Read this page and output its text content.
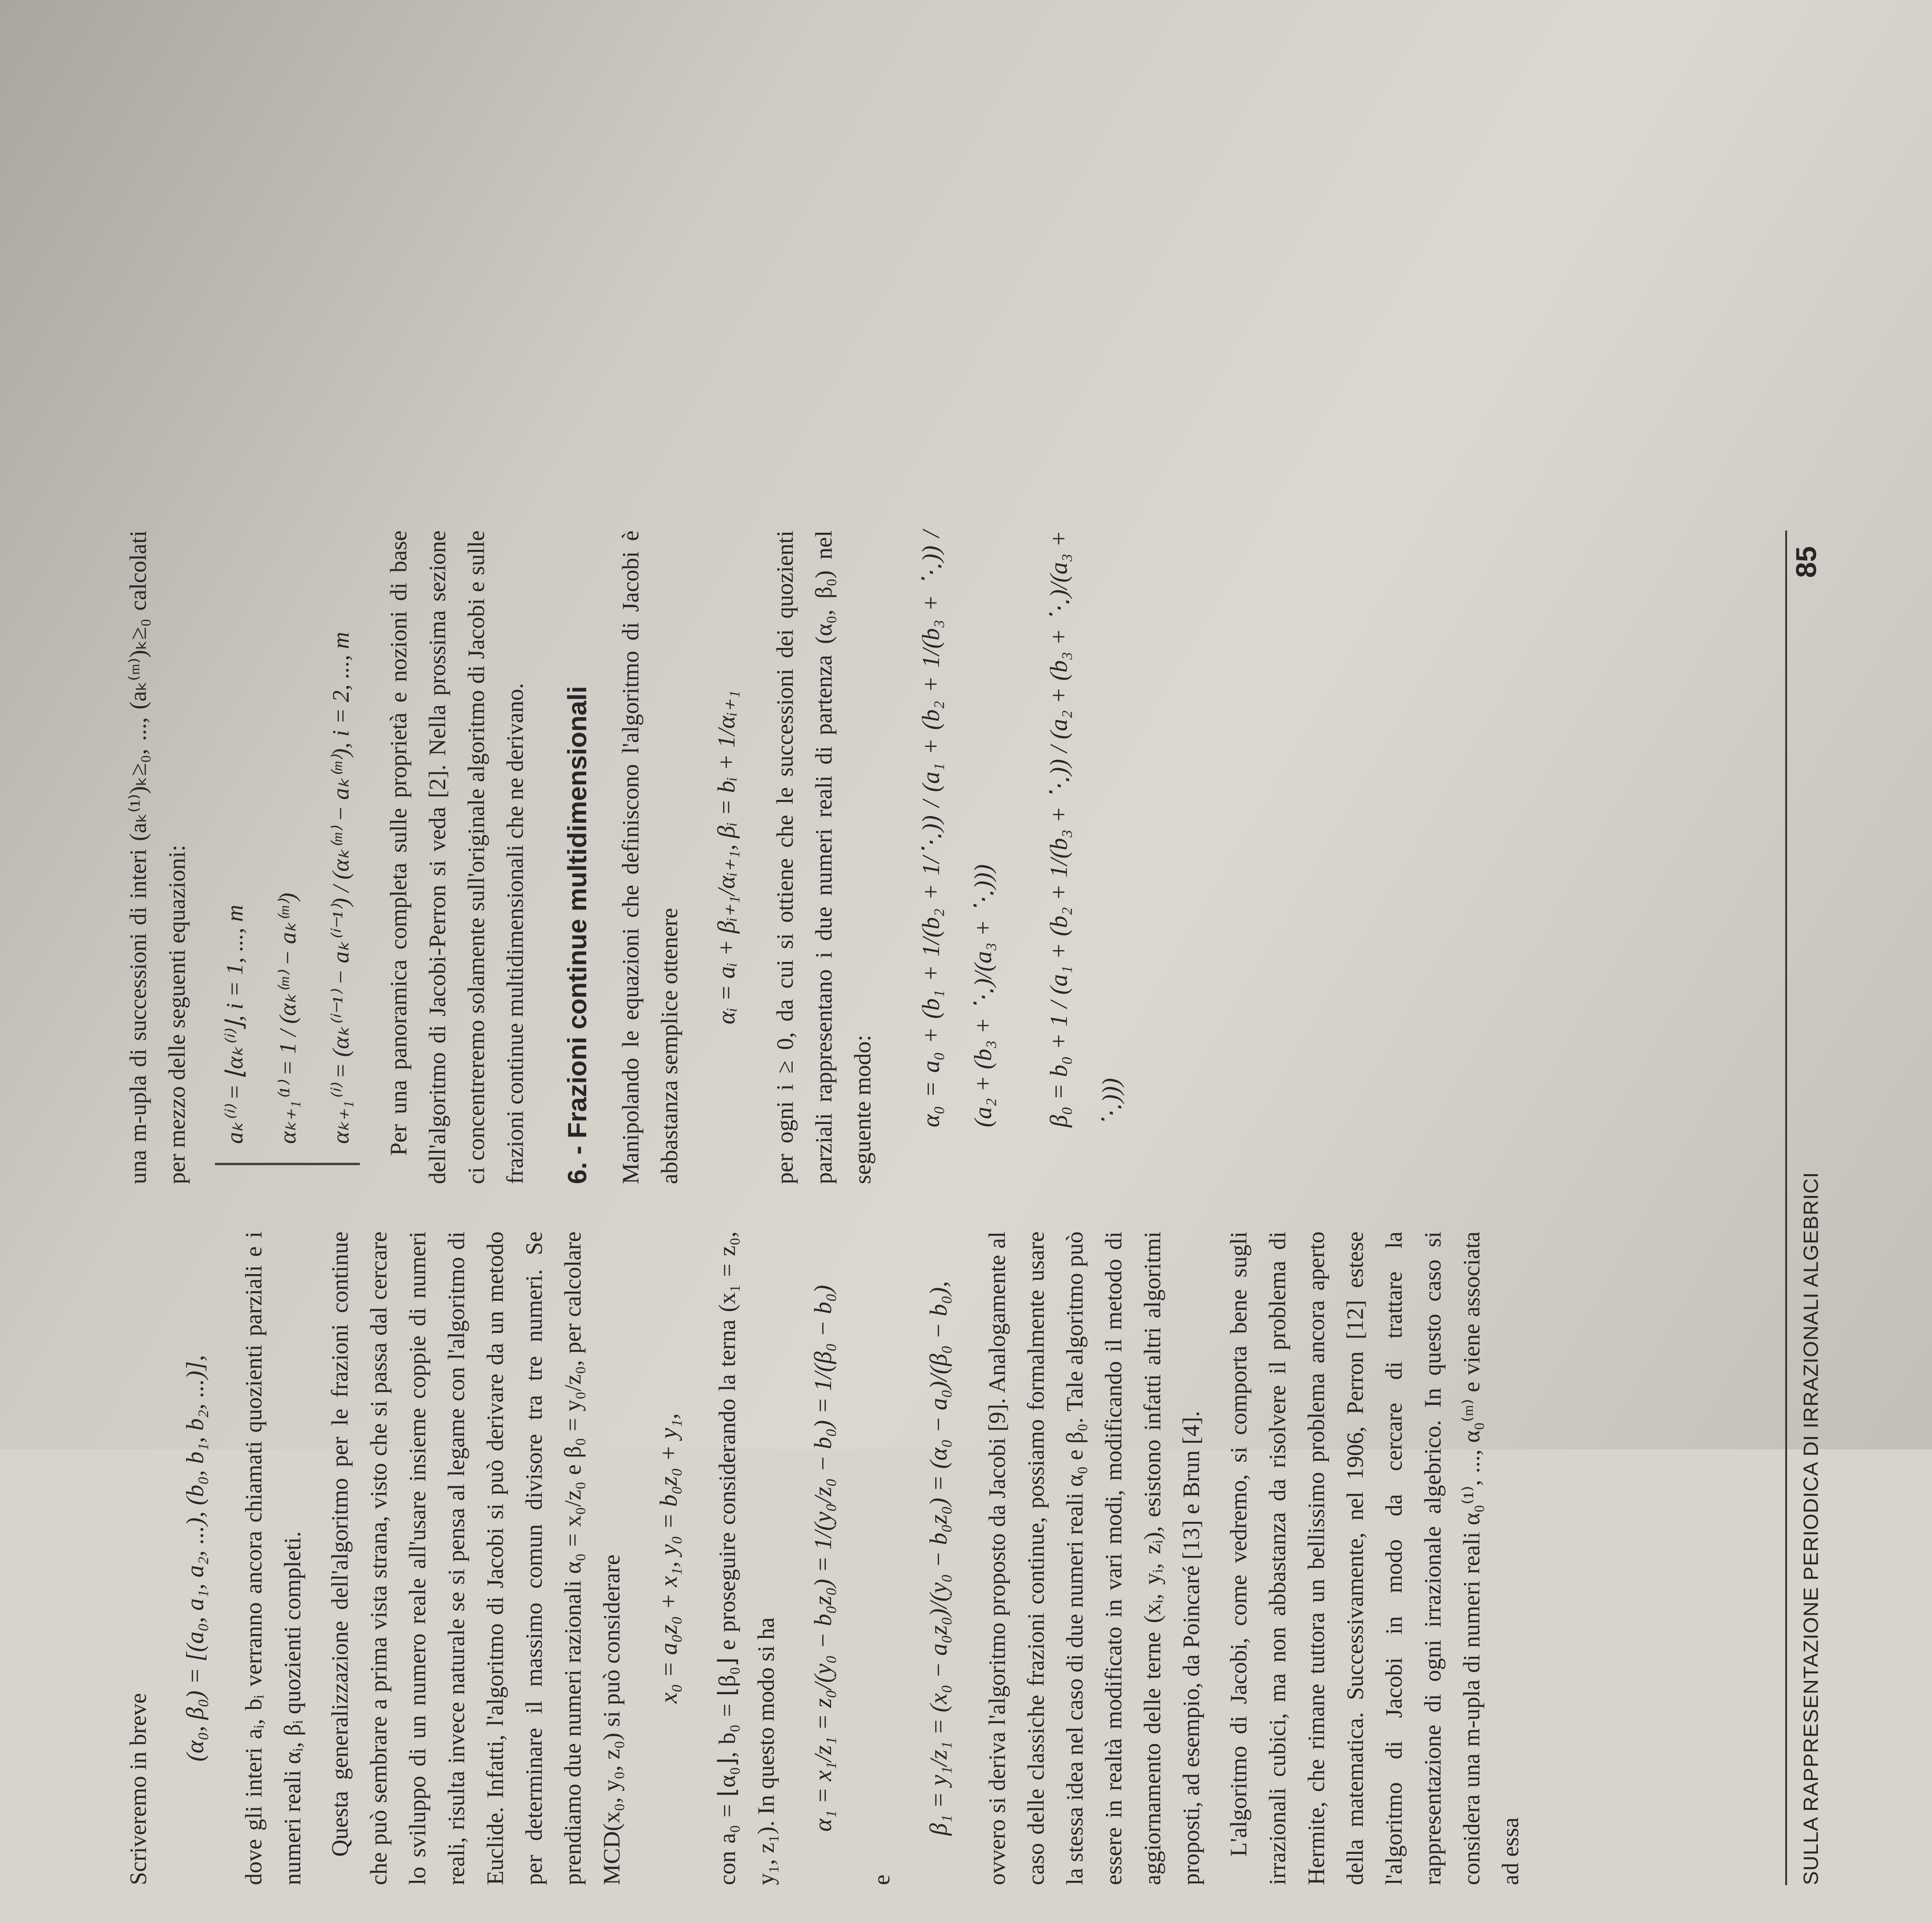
Scriveremo in breve

(α₀, β₀) = [(a₀, a₁, a₂, ...), (b₀, b₁, b₂, ...)], dove gli interi aᵢ, bᵢ verranno ancora chiamati quozienti parziali e i numeri reali αᵢ, βᵢ quozienti completi. Questa generalizzazione dell'algoritmo per le frazioni continue che può sembrare a prima vista strana, visto che si passa dal cercare lo sviluppo di un numero reale all'usare insieme coppie di numeri reali, risulta invece naturale se si pensa al legame con l'algoritmo di Euclide. Infatti, l'algoritmo di Jacobi si può derivare da un metodo per determinare il massimo comun divisore tra tre numeri. Se prendiamo due numeri razionali α₀ = x₀/z₀ e β₀ = y₀/z₀, per calcolare MCD(x₀, y₀, z₀) si può considerare x₀ = a₀z₀ + x₁, y₀ = b₀z₀ + y₁, con a₀ = ⌊α₀⌋, b₀ = ⌊β₀⌋ e proseguire considerando la terna (x₁ = z₀, y₁, z₁). In questo modo si ha α₁ = x₁/z₁ = z₀/(y₀ − b₀z₀) = 1/(y₀/z₀ − b₀) = 1/(β₀ − b₀)

e

β₁ = y₁/z₁ = (x₀ − a₀z₀)/(y₀ − b₀z₀) = (α₀ − a₀)/(β₀ − b₀), ovvero si deriva l'algoritmo proposto da Jacobi [9]. Analogamente al caso delle classiche frazioni continue, possiamo formalmente usare la stessa idea nel caso di due numeri reali α₀ e β₀. Tale algoritmo può essere in realtà modificato in vari modi, modificando il metodo di aggiornamento delle terne (xᵢ, yᵢ, zᵢ), esistono infatti altri algoritmi proposti, ad esempio, da Poincaré [13] e Brun [4]. L'algoritmo di Jacobi, come vedremo, si comporta bene sugli irrazionali cubici, ma non abbastanza da risolvere il problema di Hermite, che rimane tuttora un bellissimo problema ancora aperto della matematica. Successivamente, nel 1906, Perron [12] estese l'algoritmo di Jacobi in modo da cercare di trattare la rappresentazione di ogni irrazionale algebrico. In questo caso si considera una m-upla di numeri reali α₀⁽¹⁾, ..., α₀⁽ᵐ⁾ e viene associata ad essa

una m-upla di successioni di interi (aₖ⁽¹⁾)ₖ≥₀, ..., (aₖ⁽ᵐ⁾)ₖ≥₀ calcolati per mezzo delle seguenti equazioni: aₖ⁽ⁱ⁾ = ⌊αₖ⁽ⁱ⁾⌋, i = 1, ..., m αₖ₊₁⁽¹⁾ = 1 / (αₖ⁽ᵐ⁾ − aₖ⁽ᵐ⁾) αₖ₊₁⁽ⁱ⁾ = (αₖ⁽ⁱ⁻¹⁾ − aₖ⁽ⁱ⁻¹⁾) / (αₖ⁽ᵐ⁾ − aₖ⁽ᵐ⁾), i = 2, ..., m Per una panoramica completa sulle proprietà e nozioni di base dell'algoritmo di Jacobi-Perron si veda [2]. Nella prossima sezione ci concentreremo solamente sull'originale algoritmo di Jacobi e sulle frazioni continue multidimensionali che ne derivano. 6. - Frazioni continue multidimensionali Manipolando le equazioni che definiscono l'algoritmo di Jacobi è abbastanza semplice ottenere

αᵢ = aᵢ + βᵢ₊₁/αᵢ₊₁, βᵢ = bᵢ + 1/αᵢ₊₁ per ogni i ≥ 0, da cui si ottiene che le successioni dei quozienti parziali rappresentano i due numeri reali di partenza (α₀, β₀) nel seguente modo:	α₀ = a₀ + (b₁ + 1/(b₂ + 1/⋱)) / (a₁ + (b₂ + 1/(b₃ + ⋱)) / (a₂ + (b₃ + ⋱)/(a₃ + ⋱)))	β₀ = b₀ + 1 / (a₁ + (b₂ + 1/(b₃ + ⋱)) / (a₂ + (b₃ + ⋱)/(a₃ + ⋱)))
SULLA RAPPRESENTAZIONE PERIODICA DI IRRAZIONALI ALGEBRICI
85
